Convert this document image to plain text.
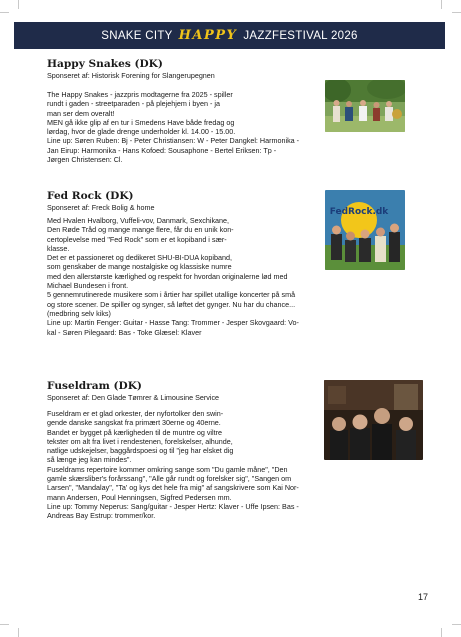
SNAKE CITY HAPPY JAZZFESTIVAL 2026
Happy Snakes (DK)

Sponseret af: Historisk Forening for Slangerupegnen

The Happy Snakes - jazzpris modtagerne fra 2025 - spiller

rundt i gaden - streetparaden - på plejehjem i byen - ja

man ser dem overalt!

MEN gå ikke glip af en tur i Smedens Have både fredag og

lørdag, hvor de glade drenge underholder kl. 14.00 - 15.00.

Line up: Søren Ruben: Bj - Peter Christiansen: W - Peter Dangkel: Harmonika -

Jan Eirup: Harmonika - Hans Kofoed: Sousaphone - Bertel Eriksen: Tp -

Jørgen Christensen: Cl.

Fed Rock (DK)

Sponseret af: Freck Bolig & home

Med Hvalen Hvalborg, Vuffeli-vov, Danmark, Sexchikane,

Den Røde Tråd og mange mange flere, får du en unik kon-

certoplevelse med "Fed Rock" som er et kopiband i sær-

klasse.

Det er et passioneret og dedikeret SHU-BI-DUA kopiband,

som genskaber de mange nostalgiske og klassiske numre

med den allerstørste kærlighed og respekt for hvordan originalerne lød med

Michael Bundesen i front.

5 gennemrutinerede musikere som i årtier har spillet utallige koncerter på små

og store scener. De spiller og synger, så løftet det gynger. Nu har du chance...

(medbring selv kiks)

Line up: Martin Fenger: Guitar - Hasse Tang: Trommer - Jesper Skovgaard: Vo-

kal - Søren Pilegaard: Bas - Toke Glæsel: Klaver

FedRock.dk
Fuseldram (DK)

Sponseret af: Den Glade Tømrer & Limousine Service

Fuseldram er et glad orkester, der nyfortolker den swin-

gende danske sangskat fra primært 30erne og 40erne.

Bandet er bygget på kærligheden til de muntre og viltre

tekster om alt fra livet i rendestenen, forelskelser, alhunde,

natlige udskejelser, baggårdspoesi og til "jeg har elsket dig

så længe jeg kan mindes".

Fuseldrams repertoire kommer omkring sange som "Du gamle måne", "Den

gamle skærsliber's forårssang", "Alle går rundt og forelsker sig", "Sangen om

Larsen", "Mandalay", "Ta' og kys det hele fra mig" af sangskrivere som Kai Nor-

mann Andersen, Poul Henningsen, Sigfred Pedersen mm.

Line up: Tommy Neperus: Sang/guitar - Jesper Hertz: Klaver - Uffe Ipsen: Bas -

Andreas Bay Estrup: trommer/kor.

17
